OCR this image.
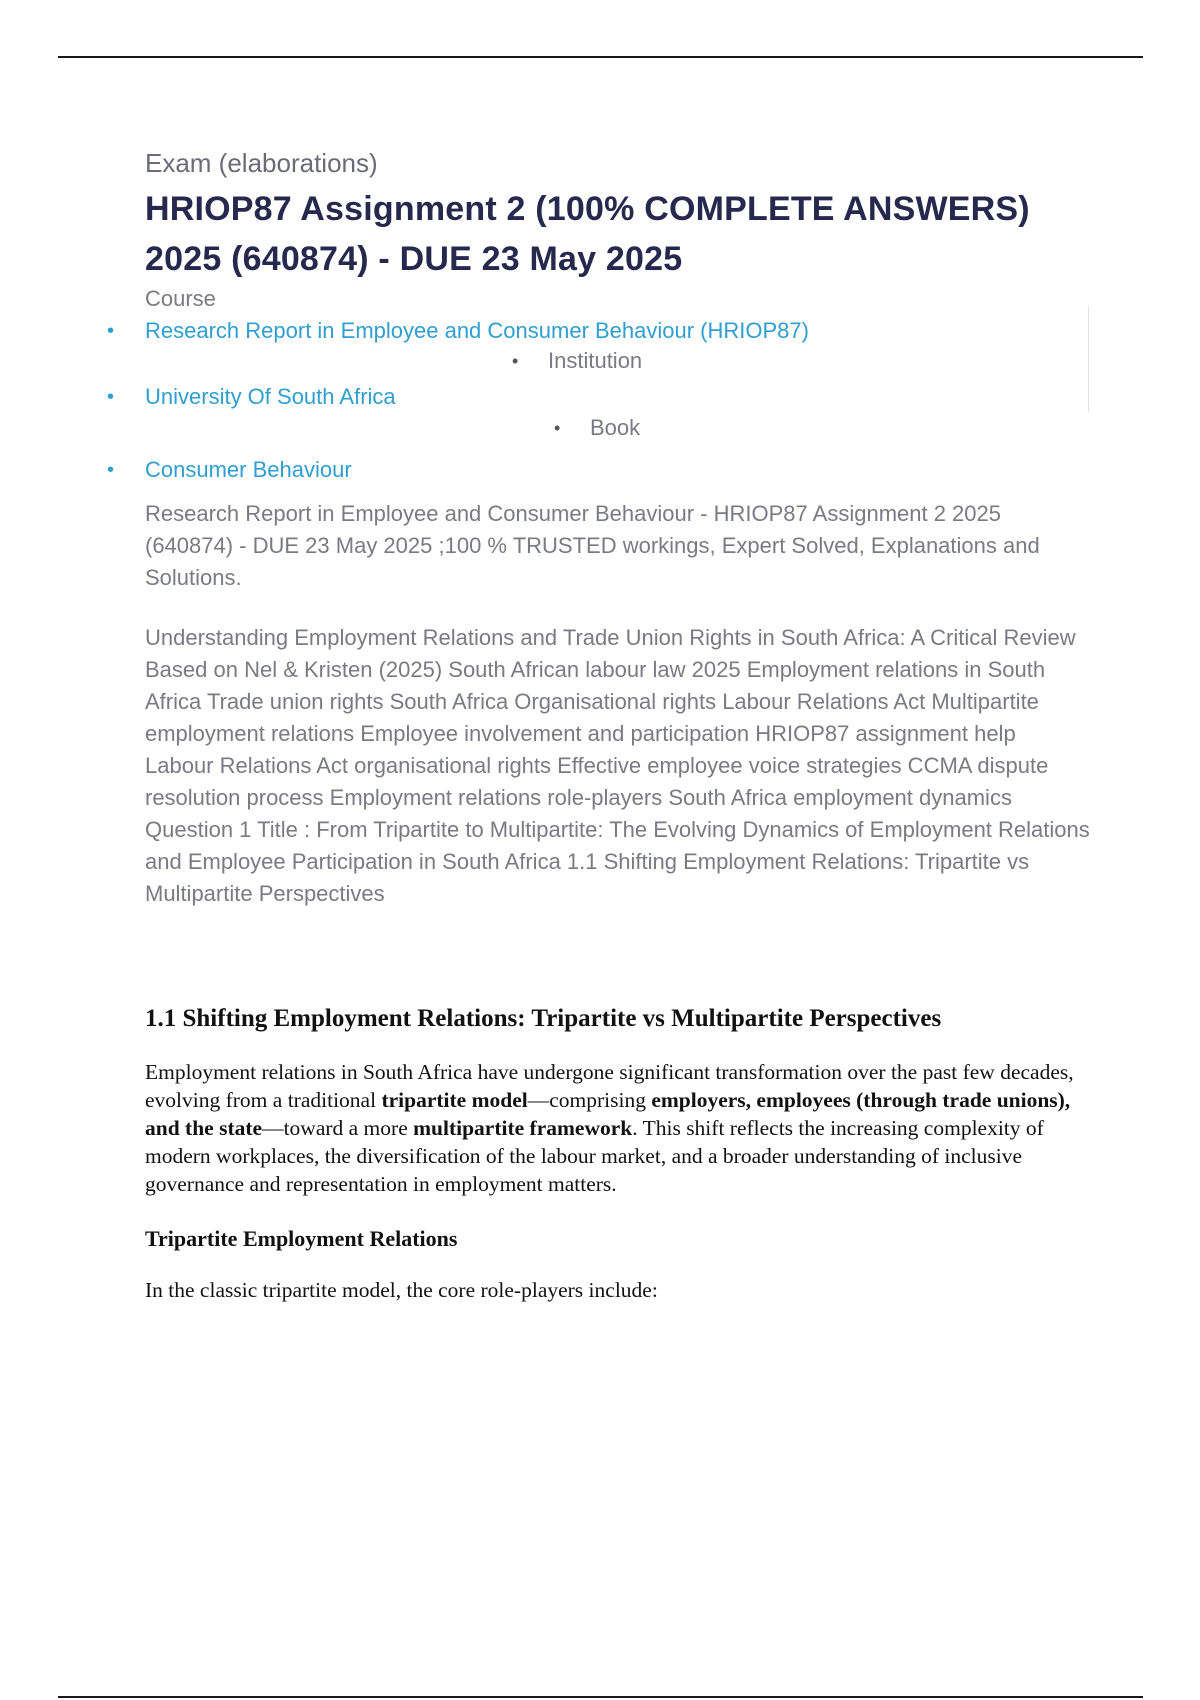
Exam (elaborations)
HRIOP87 Assignment 2 (100% COMPLETE ANSWERS)
2025 (640874) - DUE 23 May 2025
Course
• Research Report in Employee and Consumer Behaviour (HRIOP87)
• Institution
• University Of South Africa
• Book
• Consumer Behaviour

Research Report in Employee and Consumer Behaviour - HRIOP87 Assignment 2 2025 (640874) - DUE 23 May 2025 ;100 % TRUSTED workings, Expert Solved, Explanations and Solutions.

Understanding Employment Relations and Trade Union Rights in South Africa: A Critical Review Based on Nel & Kristen (2025) South African labour law 2025 Employment relations in South Africa Trade union rights South Africa Organisational rights Labour Relations Act Multipartite employment relations Employee involvement and participation HRIOP87 assignment help Labour Relations Act organisational rights Effective employee voice strategies CCMA dispute resolution process Employment relations role-players South Africa employment dynamics Question 1 Title : From Tripartite to Multipartite: The Evolving Dynamics of Employment Relations and Employee Participation in South Africa 1.1 Shifting Employment Relations: Tripartite vs Multipartite Perspectives

1.1 Shifting Employment Relations: Tripartite vs Multipartite Perspectives

Employment relations in South Africa have undergone significant transformation over the past few decades, evolving from a traditional tripartite model—comprising employers, employees (through trade unions), and the state—toward a more multipartite framework. This shift reflects the increasing complexity of modern workplaces, the diversification of the labour market, and a broader understanding of inclusive governance and representation in employment matters.

Tripartite Employment Relations

In the classic tripartite model, the core role-players include:
